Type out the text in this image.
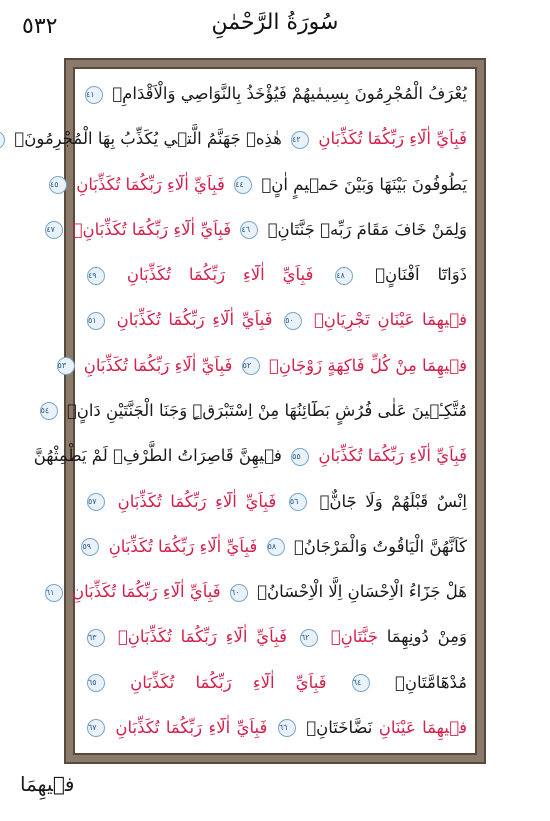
٥٣٢	سُورَةُ الرَّحْمٰنِ
يُعْرَفُ الْمُجْرِمُونَ بِسِيمٰيهُمْ فَيُؤْخَذُ بِالنَّوَاصِي وَالْاَقْدَامِۚ ٤١
فَبِاَيِّ اٰلَٓاءِ رَبِّكُمَا تُكَذِّبَانِ ٤٢ هٰذِهٖ جَهَنَّمُ الَّت۪ي يُكَذِّبُ بِهَا الْمُجْرِمُونَۢ
يَطُوفُونَ بَيْنَهَا وَبَيْنَ حَم۪يمٍ اٰنٍۚ ٤٤ فَبِاَيِّ اٰلَٓاءِ رَبِّكُمَا تُكَذِّبَانِ ٤٥
وَلِمَنْ خَافَ مَقَامَ رَبِّه۪ جَنَّتَانِۚ ٤٦ فَبِاَيِّ اٰلَٓاءِ رَبِّكُمَا تُكَذِّبَانِۙ ٤٧
ذَوَاتَٓا اَفْنَانٍۚ ٤٨ فَبِاَيِّ اٰلَٓاءِ رَبِّكُمَا تُكَذِّبَانِ ٤٩
ف۪يهِمَا عَيْنَانِ تَجْرِيَانِۚ ٥٠ فَبِاَيِّ اٰلَٓاءِ رَبِّكُمَا تُكَذِّبَانِ ٥١
ف۪يهِمَا مِنْ كُلِّ فَاكِهَةٍ زَوْجَانِۚ ٥٢ فَبِاَيِّ اٰلَٓاءِ رَبِّكُمَا تُكَذِّبَانِ ٥٣
مُتَّكِـ۪ٔينَ عَلٰى فُرُشٍ بَطَٓائِنُهَا مِنْ اِسْتَبْرَقٍۜ وَجَنَا الْجَنَّتَيْنِ دَانٍۚ ٥٤
فَبِاَيِّ اٰلَٓاءِ رَبِّكُمَا تُكَذِّبَانِ ٥٥ ف۪يهِنَّ قَاصِرَاتُ الطَّرْفِۙ لَمْ يَطْمِثْهُنَّ
اِنْسٌ قَبْلَهُمْ وَلَا جَٓانٌّۚ ٥٦ فَبِاَيِّ اٰلَٓاءِ رَبِّكُمَا تُكَذِّبَانِ ٥٧
كَاَنَّهُنَّ الْيَاقُوتُ وَالْمَرْجَانُۚ ٥٨ فَبِاَيِّ اٰلَٓاءِ رَبِّكُمَا تُكَذِّبَانِ ٥٩
هَلْ جَزَٓاءُ الْاِحْسَانِ اِلَّا الْاِحْسَانُۚ ٦٠ فَبِاَيِّ اٰلَٓاءِ رَبِّكُمَا تُكَذِّبَانِ ٦١
وَمِنْ دُونِهِمَا جَنَّتَانِۚ ٦٢ فَبِاَيِّ اٰلَٓاءِ رَبِّكُمَا تُكَذِّبَانِۙ ٦٣
مُدْهَٓامَّتَانِۚ ٦٤ فَبِاَيِّ اٰلَٓاءِ رَبِّكُمَا تُكَذِّبَانِ ٦٥
ف۪يهِمَا عَيْنَانِ نَضَّاخَتَانِۚ ٦٦ فَبِاَيِّ اٰلَٓاءِ رَبِّكُمَا تُكَذِّبَانِ ٦٧
ف۪يهِمَا
